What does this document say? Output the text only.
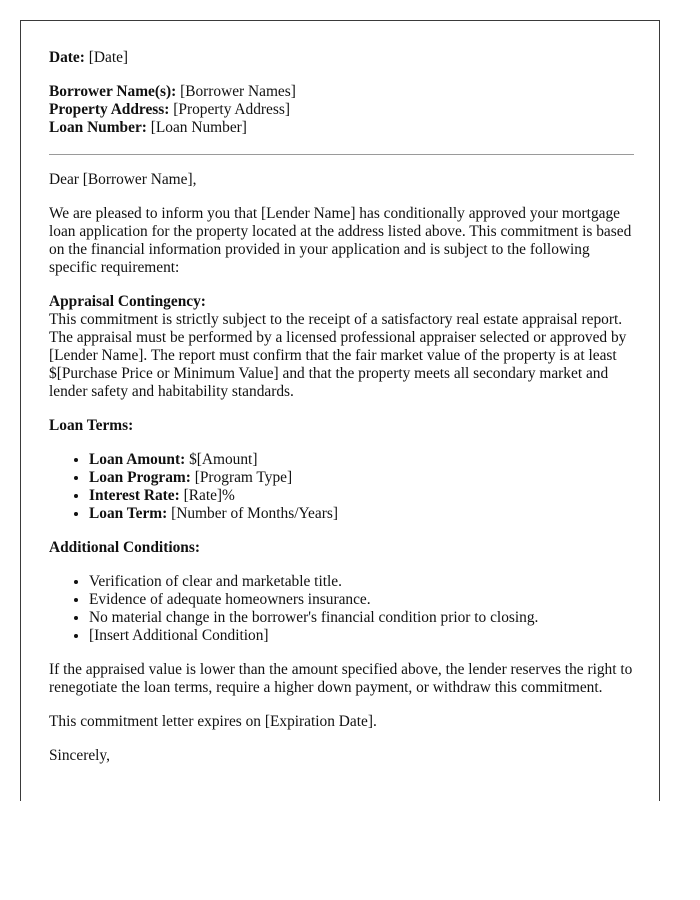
Date: [Date]

Borrower Name(s): [Borrower Names]

Property Address: [Property Address]

Loan Number: [Loan Number]

Dear [Borrower Name],

We are pleased to inform you that [Lender Name] has conditionally approved your mortgage loan application for the property located at the address listed above. This commitment is based on the financial information provided in your application and is subject to the following specific requirement:

Appraisal Contingency:

This commitment is strictly subject to the receipt of a satisfactory real estate appraisal report. The appraisal must be performed by a licensed professional appraiser selected or approved by [Lender Name]. The report must confirm that the fair market value of the property is at least $[Purchase Price or Minimum Value] and that the property meets all secondary market and lender safety and habitability standards.

Loan Terms:

• Loan Amount: $[Amount]
• Loan Program: [Program Type]
• Interest Rate: [Rate]%
• Loan Term: [Number of Months/Years]

Additional Conditions:

• Verification of clear and marketable title.
• Evidence of adequate homeowners insurance.
• No material change in the borrower's financial condition prior to closing.
• [Insert Additional Condition]

If the appraised value is lower than the amount specified above, the lender reserves the right to renegotiate the loan terms, require a higher down payment, or withdraw this commitment.

This commitment letter expires on [Expiration Date].

Sincerely,
